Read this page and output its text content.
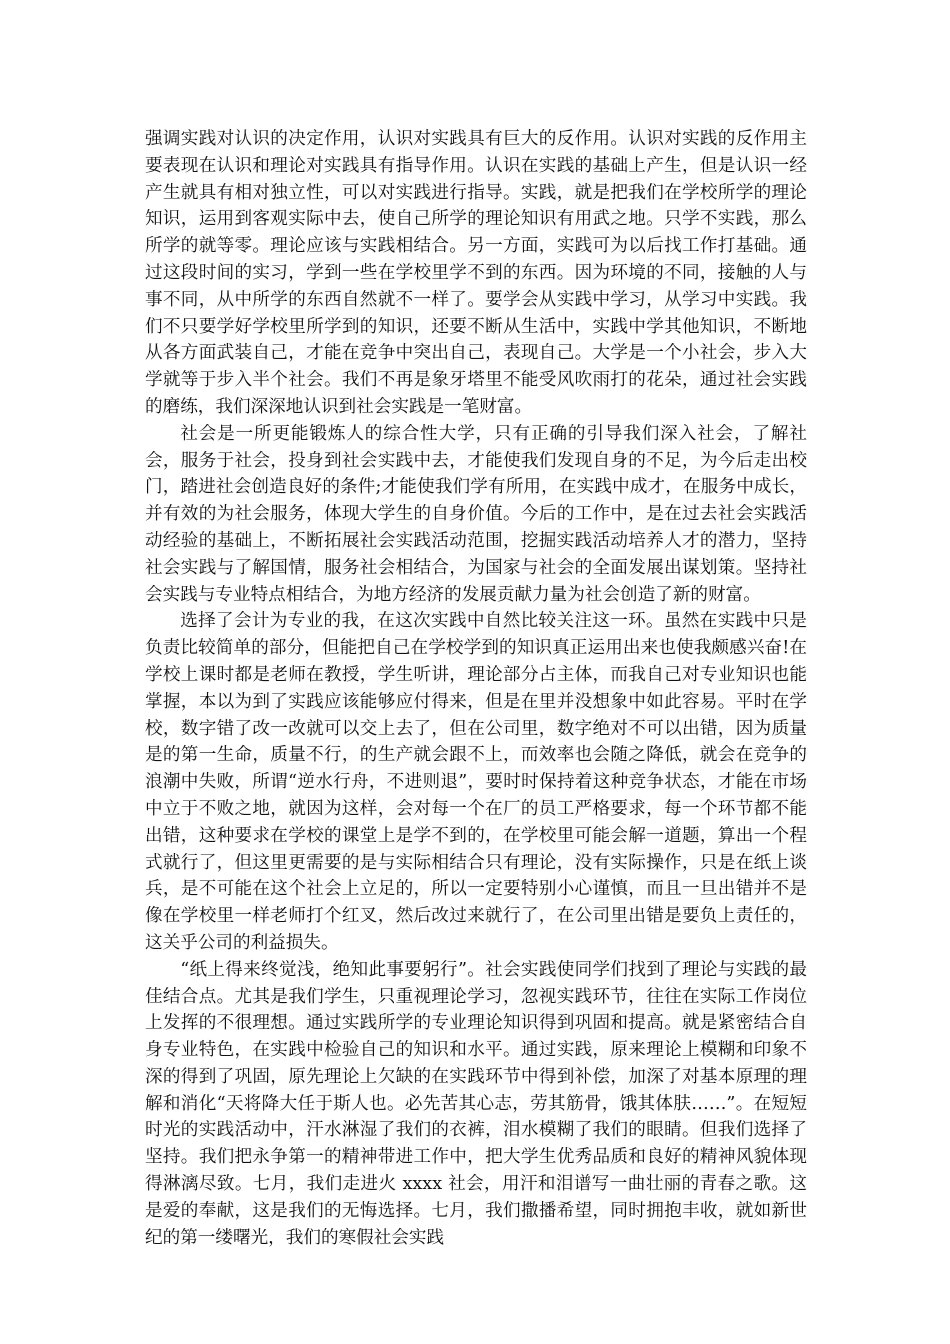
强调实践对认识的决定作用，认识对实践具有巨大的反作用。认识对实践的反作用主要表现在认识和理论对实践具有指导作用。认识在实践的基础上产生，但是认识一经产生就具有相对独立性，可以对实践进行指导。实践，就是把我们在学校所学的理论知识，运用到客观实际中去，使自己所学的理论知识有用武之地。只学不实践，那么所学的就等零。理论应该与实践相结合。另一方面，实践可为以后找工作打基础。通过这段时间的实习，学到一些在学校里学不到的东西。因为环境的不同，接触的人与事不同，从中所学的东西自然就不一样了。要学会从实践中学习，从学习中实践。我们不只要学好学校里所学到的知识，还要不断从生活中，实践中学其他知识，不断地从各方面武装自己，才能在竞争中突出自己，表现自己。大学是一个小社会，步入大学就等于步入半个社会。我们不再是象牙塔里不能受风吹雨打的花朵，通过社会实践的磨练，我们深深地认识到社会实践是一笔财富。

社会是一所更能锻炼人的综合性大学，只有正确的引导我们深入社会，了解社会，服务于社会，投身到社会实践中去，才能使我们发现自身的不足，为今后走出校门，踏进社会创造良好的条件;才能使我们学有所用，在实践中成才，在服务中成长，并有效的为社会服务，体现大学生的自身价值。今后的工作中，是在过去社会实践活动经验的基础上，不断拓展社会实践活动范围，挖掘实践活动培养人才的潜力，坚持社会实践与了解国情，服务社会相结合，为国家与社会的全面发展出谋划策。坚持社会实践与专业特点相结合，为地方经济的发展贡献力量为社会创造了新的财富。

选择了会计为专业的我，在这次实践中自然比较关注这一环。虽然在实践中只是负责比较简单的部分，但能把自己在学校学到的知识真正运用出来也使我颇感兴奋!在学校上课时都是老师在教授，学生听讲，理论部分占主体，而我自己对专业知识也能掌握，本以为到了实践应该能够应付得来，但是在里并没想象中如此容易。平时在学校，数字错了改一改就可以交上去了，但在公司里，数字绝对不可以出错，因为质量是的第一生命，质量不行，的生产就会跟不上，而效率也会随之降低，就会在竞争的浪潮中失败，所谓“逆水行舟，不进则退”，要时时保持着这种竞争状态，才能在市场中立于不败之地，就因为这样，会对每一个在厂的员工严格要求，每一个环节都不能出错，这种要求在学校的课堂上是学不到的，在学校里可能会解一道题，算出一个程式就行了，但这里更需要的是与实际相结合只有理论，没有实际操作，只是在纸上谈兵，是不可能在这个社会上立足的，所以一定要特别小心谨慎，而且一旦出错并不是像在学校里一样老师打个红叉，然后改过来就行了，在公司里出错是要负上责任的，这关乎公司的利益损失。

“纸上得来终觉浅，绝知此事要躬行”。社会实践使同学们找到了理论与实践的最佳结合点。尤其是我们学生，只重视理论学习，忽视实践环节，往往在实际工作岗位上发挥的不很理想。通过实践所学的专业理论知识得到巩固和提高。就是紧密结合自身专业特色，在实践中检验自己的知识和水平。通过实践，原来理论上模糊和印象不深的得到了巩固，原先理论上欠缺的在实践环节中得到补偿，加深了对基本原理的理解和消化“天将降大任于斯人也。必先苦其心志，劳其筋骨，饿其体肤……”。在短短时光的实践活动中，汗水淋湿了我们的衣裤，泪水模糊了我们的眼睛。但我们选择了坚持。我们把永争第一的精神带进工作中，把大学生优秀品质和良好的精神风貌体现得淋漓尽致。七月，我们走进火 xxxx 社会，用汗和泪谱写一曲壮丽的青春之歌。这是爱的奉献，这是我们的无悔选择。七月，我们撒播希望，同时拥抱丰收，就如新世纪的第一缕曙光，我们的寒假社会实践
